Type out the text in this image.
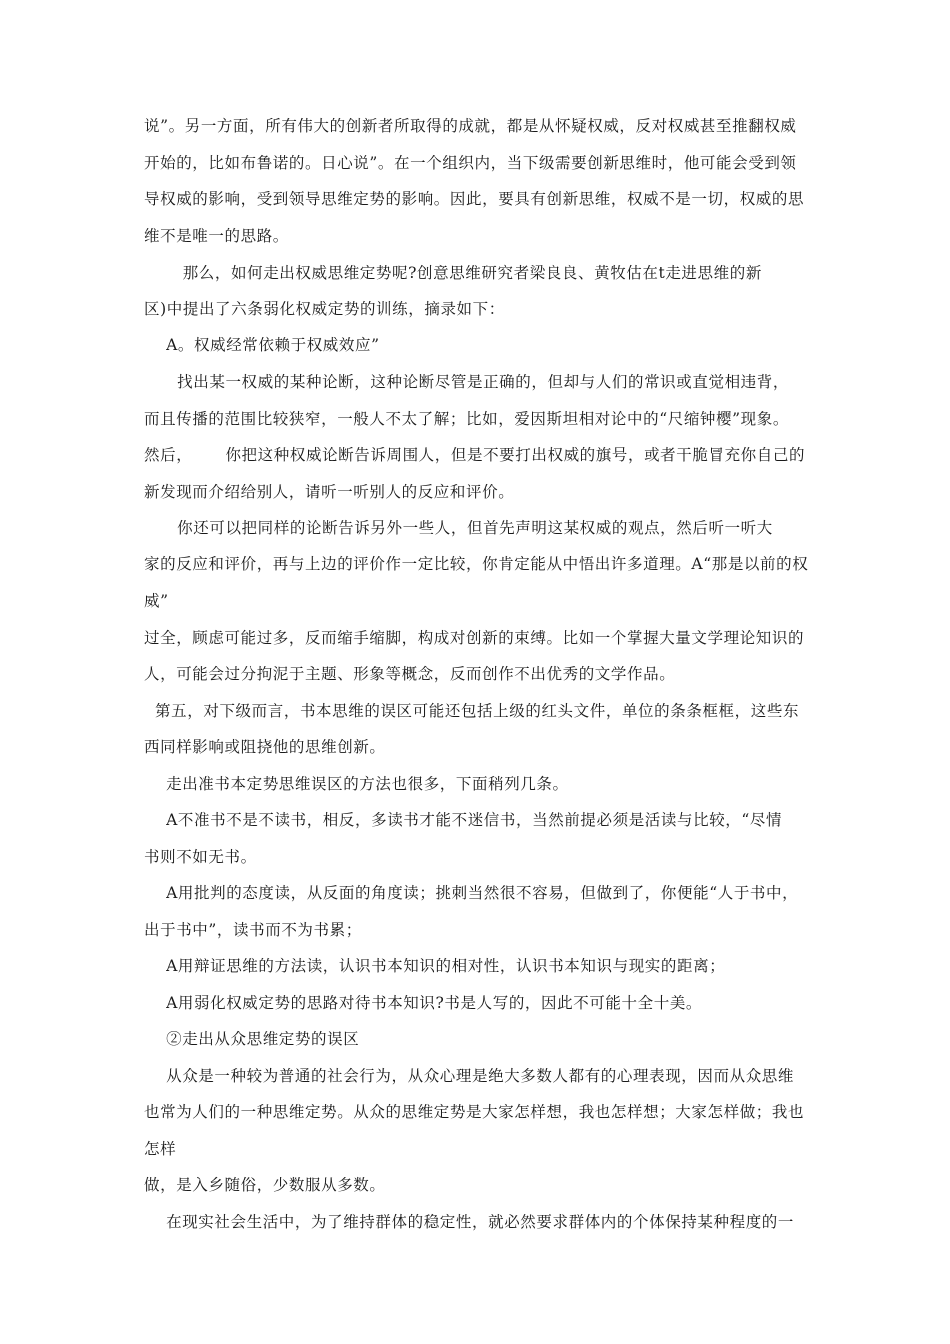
说”。另一方面，所有伟大的创新者所取得的成就，都是从怀疑权威，反对权威甚至推翻权威

开始的，比如布鲁诺的。日心说”。在一个组织内，当下级需要创新思维时，他可能会受到领

导权威的影响，受到领导思维定势的影响。因此，要具有创新思维，权威不是一切，权威的思

维不是唯一的思路。

那么，如何走出权威思维定势呢?创意思维研究者梁良良、黄牧估在t走进思维的新

区)中提出了六条弱化权威定势的训练，摘录如下：

A。权威经常依赖于权威效应”

找出某一权威的某种论断，这种论断尽管是正确的，但却与人们的常识或直觉相违背，

而且传播的范围比较狭窄，一般人不太了解；比如，爱因斯坦相对论中的“尺缩钟樱”现象。

然后，      你把这种权威论断告诉周围人，但是不要打出权威的旗号，或者干脆冒充你自己的

新发现而介绍给别人，请听一听别人的反应和评价。

你还可以把同样的论断告诉另外一些人，但首先声明这某权威的观点，然后听一听大

家的反应和评价，再与上边的评价作一定比较，你肯定能从中悟出许多道理。A“那是以前的权

威”

过全，顾虑可能过多，反而缩手缩脚，构成对创新的束缚。比如一个掌握大量文学理论知识的

人，可能会过分拘泥于主题、形象等概念，反而创作不出优秀的文学作品。

第五，对下级而言，书本思维的误区可能还包括上级的红头文件，单位的条条框框，这些东

西同样影响或阻挠他的思维创新。

走出准书本定势思维误区的方法也很多，下面稍列几条。

A不准书不是不读书，相反，多读书才能不迷信书，当然前提必须是活读与比较，“尽情

书则不如无书。

A用批判的态度读，从反面的角度读；挑刺当然很不容易，但做到了，你便能“人于书中，

出于书中”，读书而不为书累；

A用辩证思维的方法读，认识书本知识的相对性，认识书本知识与现实的距离；

A用弱化权威定势的思路对待书本知识?书是人写的，因此不可能十全十美。

②走出从众思维定势的误区

从众是一种较为普通的社会行为，从众心理是绝大多数人都有的心理表现，因而从众思维

也常为人们的一种思维定势。从众的思维定势是大家怎样想，我也怎样想；大家怎样做；我也

怎样

做，是入乡随俗，少数服从多数。

在现实社会生活中，为了维持群体的稳定性，就必然要求群体内的个体保持某种程度的一
